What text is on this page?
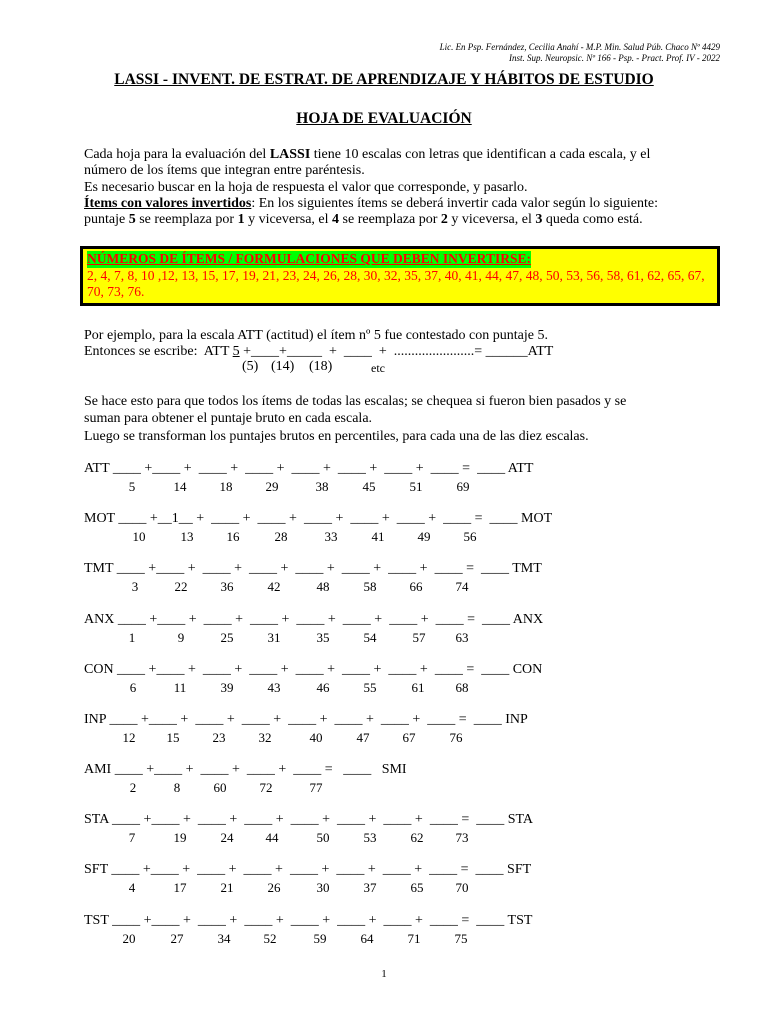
Lic. En Psp. Fernández, Cecilia Anahí - M.P. Min. Salud Púb. Chaco Nº 4429
Inst. Sup. Neuropsic. Nº 166 - Psp. - Pract. Prof. IV - 2022
LASSI - INVENT. DE ESTRAT. DE APRENDIZAJE Y HÁBITOS DE ESTUDIO
HOJA DE EVALUACIÓN
Cada hoja para la evaluación del LASSI tiene 10 escalas con letras que identifican a cada escala, y el
número de los ítems que integran entre paréntesis.
Es necesario buscar en la hoja de respuesta el valor que corresponde, y pasarlo.
Ítems con valores invertidos: En los siguientes ítems se deberá invertir cada valor según lo siguiente:
puntaje 5 se reemplaza por 1 y viceversa, el 4 se reemplaza por 2 y viceversa, el 3 queda como está.
NÚMEROS DE ÍTEMS / FORMULACIONES QUE DEBEN INVERTIRSE:
2, 4, 7, 8, 10 ,12, 13, 15, 17, 19, 21, 23, 24, 26, 28, 30, 32, 35, 37, 40, 41, 44, 47, 48, 50, 53, 56, 58, 61, 62, 65, 67, 70, 73, 76.
Por ejemplo, para la escala ATT (actitud) el ítem nº 5 fue contestado con puntaje 5.
Entonces se escribe:  ATT 5 +____+_____  +  ____  +  .......................= ______ATT
(5) (14) (18)	etc
Se hace esto para que todos los ítems de todas las escalas; se chequea si fueron bien pasados y se
suman para obtener el puntaje bruto en cada escala.
Luego se transforman los puntajes brutos en percentiles, para cada una de las diez escalas.
ATT ____ +____ +  ____ +  ____ +  ____ +  ____ +  ____ +  ____ =  ____ ATT
5	14	18	29	38	45	51	69
MOT ____ +__1__ +  ____ +  ____ +  ____ +  ____ +  ____ +  ____ =  ____ MOT
10	13	16	28	33	41	49	56
TMT ____ +____ +  ____ +  ____ +  ____ +  ____ +  ____ +  ____ =  ____ TMT
3	22	36	42	48	58	66	74
ANX ____ +____ +  ____ +  ____ +  ____ +  ____ +  ____ +  ____ =  ____ ANX
1	9	25	31	35	54	57	63
CON ____ +____ +  ____ +  ____ +  ____ +  ____ +  ____ +  ____ =  ____ CON
6	11	39	43	46	55	61	68
INP ____ +____ +  ____ +  ____ +  ____ +  ____ +  ____ +  ____ =  ____ INP
12	15	23	32	40	47	67	76
AMI ____ +____ +  ____ +  ____ +  ____ =   ____   SMI
2	8	60	72	77
STA ____ +____ +  ____ +  ____ +  ____ +  ____ +  ____ +  ____ =  ____ STA
7	19	24	44	50	53	62	73
SFT ____ +____ +  ____ +  ____ +  ____ +  ____ +  ____ +  ____ =  ____ SFT
4	17	21	26	30	37	65	70
TST ____ +____ +  ____ +  ____ +  ____ +  ____ +  ____ +  ____ =  ____ TST
20	27	34	52	59	64	71	75
1
